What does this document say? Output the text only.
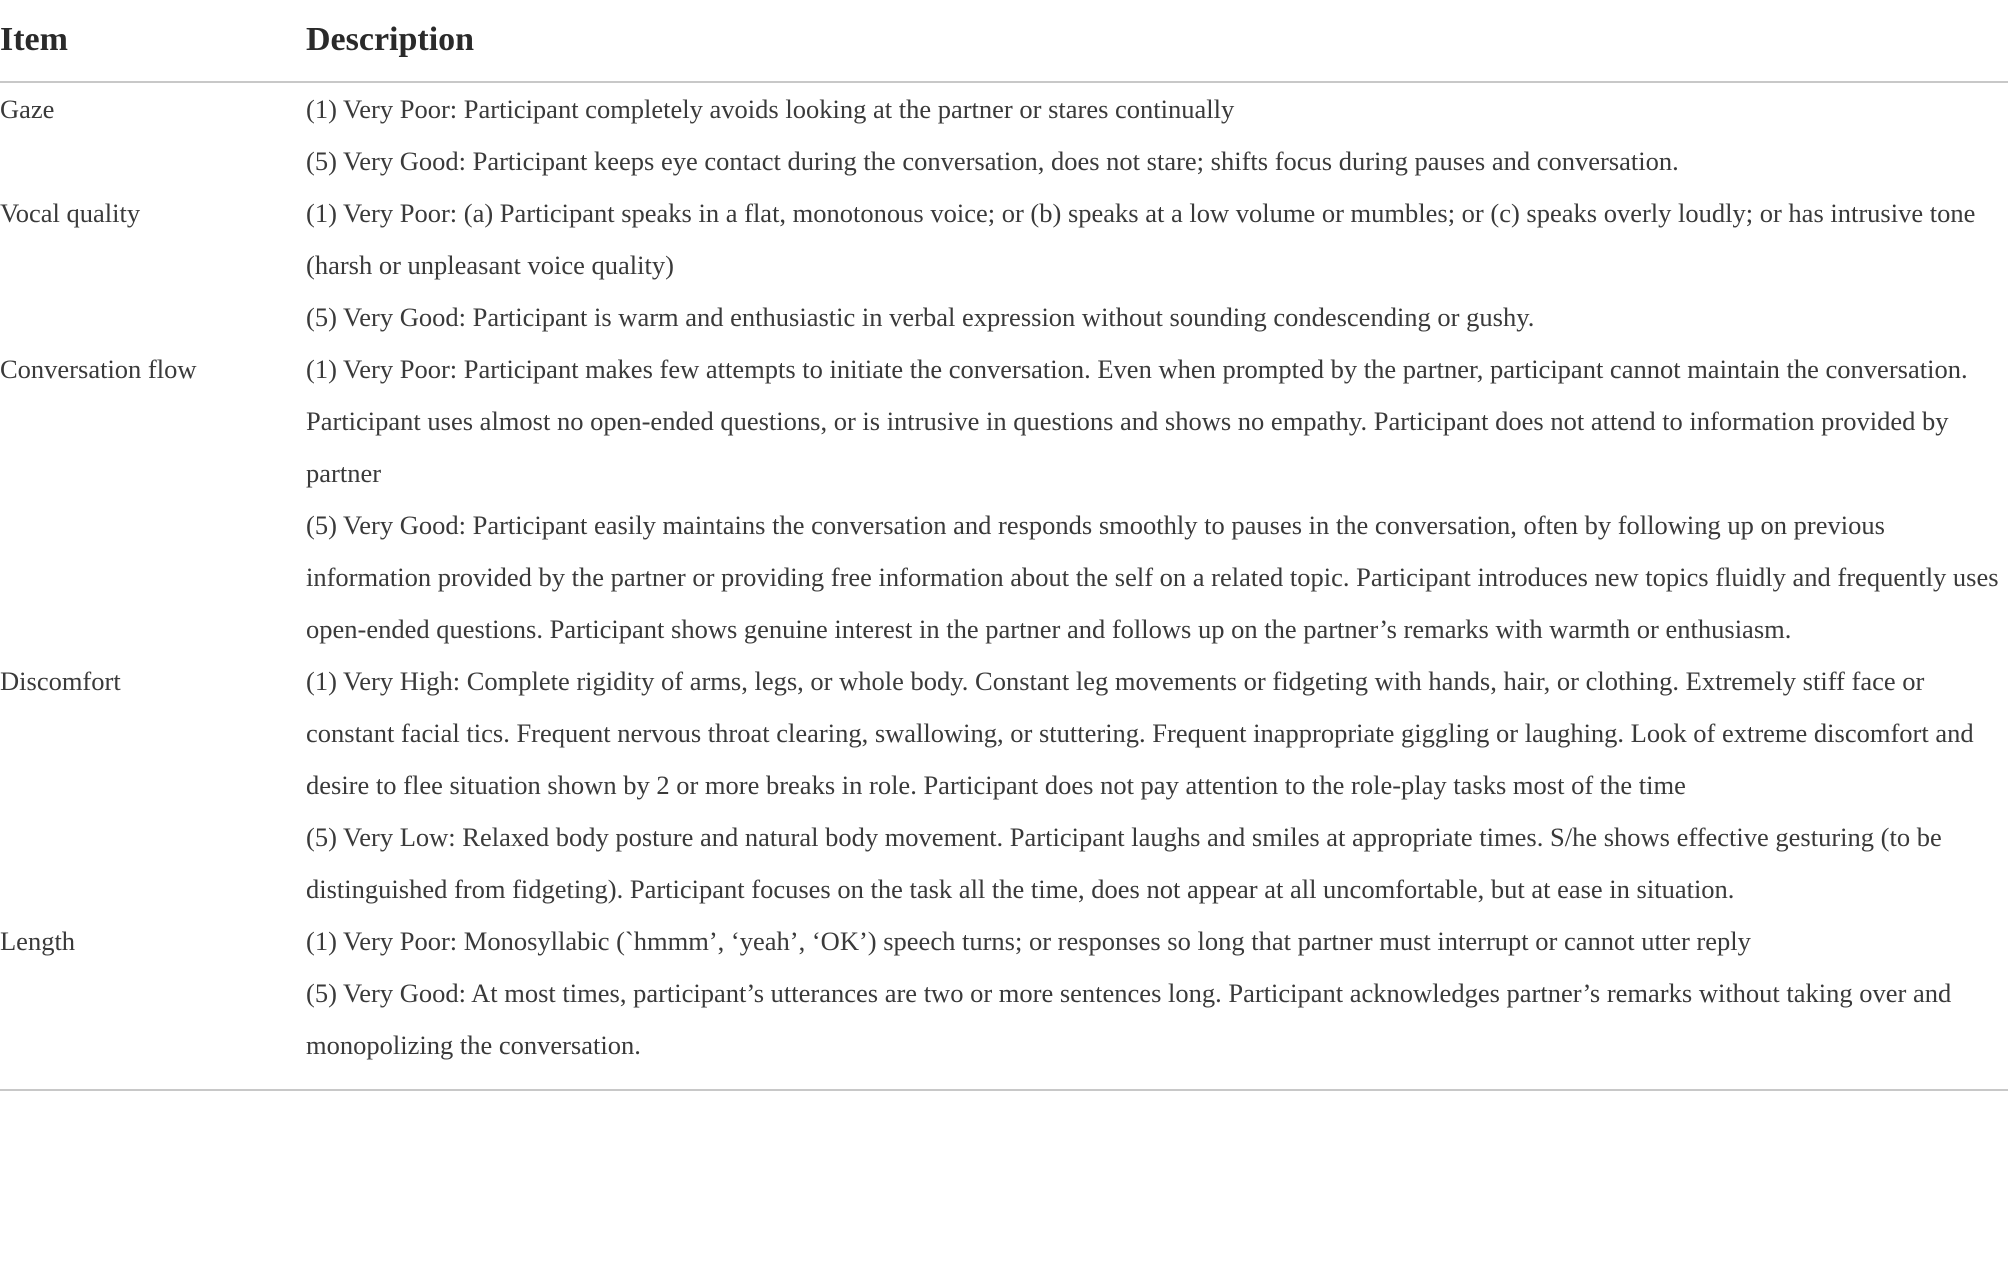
Item	Description
Gaze	(1) Very Poor: Participant completely avoids looking at the partner or stares continually

(5) Very Good: Participant keeps eye contact during the conversation, does not stare; shifts focus during pauses and conversation.

Vocal quality	(1) Very Poor: (a) Participant speaks in a flat, monotonous voice; or (b) speaks at a low volume or mumbles; or (c) speaks overly loudly; or has intrusive tone (harsh or unpleasant voice quality)

(5) Very Good: Participant is warm and enthusiastic in verbal expression without sounding condescending or gushy.

Conversation flow	(1) Very Poor: Participant makes few attempts to initiate the conversation. Even when prompted by the partner, participant cannot maintain the conversation. Participant uses almost no open-ended questions, or is intrusive in questions and shows no empathy. Participant does not attend to information provided by partner

(5) Very Good: Participant easily maintains the conversation and responds smoothly to pauses in the conversation, often by following up on previous information provided by the partner or providing free information about the self on a related topic. Participant introduces new topics fluidly and frequently uses open-ended questions. Participant shows genuine interest in the partner and follows up on the partner’s remarks with warmth or enthusiasm.

Discomfort	(1) Very High: Complete rigidity of arms, legs, or whole body. Constant leg movements or fidgeting with hands, hair, or clothing. Extremely stiff face or constant facial tics. Frequent nervous throat clearing, swallowing, or stuttering. Frequent inappropriate giggling or laughing. Look of extreme discomfort and desire to flee situation shown by 2 or more breaks in role. Participant does not pay attention to the role-play tasks most of the time

(5) Very Low: Relaxed body posture and natural body movement. Participant laughs and smiles at appropriate times. S/he shows effective gesturing (to be distinguished from fidgeting). Participant focuses on the task all the time, does not appear at all uncomfortable, but at ease in situation.

Length	(1) Very Poor: Monosyllabic (`hmmm’, ‘yeah’, ‘OK’) speech turns; or responses so long that partner must interrupt or cannot utter reply

(5) Very Good: At most times, participant’s utterances are two or more sentences long. Participant acknowledges partner’s remarks without taking over and monopolizing the conversation.
